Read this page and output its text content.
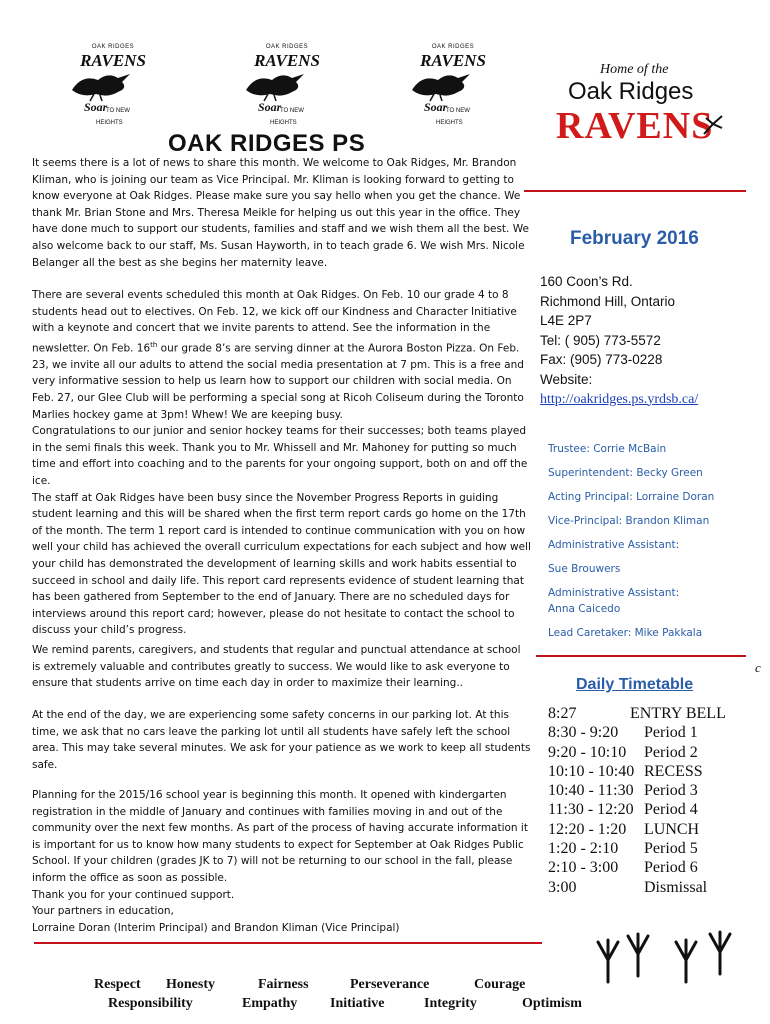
OAK RIDGES
RAVENS
Soar
TO NEW
HEIGHTS
OAK RIDGES
RAVENS
Soar
TO NEW
HEIGHTS
OAK RIDGES
RAVENS
Soar
TO NEW
HEIGHTS
OAK RIDGES PS
Home of the
Oak Ridges
RAVENS

It seems there is a lot of news to share this month. We welcome to Oak Ridges, Mr. Brandon Kliman, who is joining our team as Vice Principal. Mr. Kliman is looking forward to getting to know everyone at Oak Ridges. Please make sure you say hello when you get the chance. We thank Mr. Brian Stone and Mrs. Theresa Meikle for helping us out this year in the office. They have done much to support our students, families and staff and we wish them all the best. We also welcome back to our staff, Ms. Susan Hayworth, in to teach grade 6. We wish Mrs. Nicole Belanger all the best as she begins her maternity leave.

There are several events scheduled this month at Oak Ridges. On Feb. 10 our grade 4 to 8 students head out to electives. On Feb. 12, we kick off our Kindness and Character Initiative with a keynote and concert that we invite parents to attend. See the information in the newsletter. On Feb. 16th our grade 8’s are serving dinner at the Aurora Boston Pizza. On Feb. 23, we invite all our adults to attend the social media presentation at 7 pm. This is a free and very informative session to help us learn how to support our children with social media. On Feb. 27, our Glee Club will be performing a special song at Ricoh Coliseum during the Toronto Marlies hockey game at 3pm! Whew! We are keeping busy.

Congratulations to our junior and senior hockey teams for their successes; both teams played in the semi finals this week. Thank you to Mr. Whissell and Mr. Mahoney for putting so much time and effort into coaching and to the parents for your ongoing support, both on and off the ice.

The staff at Oak Ridges have been busy since the November Progress Reports in guiding student learning and this will be shared when the first term report cards go home on the 17th of the month. The term 1 report card is intended to continue communication with you on how well your child has achieved the overall curriculum expectations for each subject and how well your child has demonstrated the development of learning skills and work habits essential to succeed in school and daily life. This report card represents evidence of student learning that has been gathered from September to the end of January. There are no scheduled days for interviews around this report card; however, please do not hesitate to contact the school to discuss your child’s progress.

We remind parents, caregivers, and students that regular and punctual attendance at school is extremely valuable and contributes greatly to success. We would like to ask everyone to ensure that students arrive on time each day in order to maximize their learning..

At the end of the day, we are experiencing some safety concerns in our parking lot. At this time, we ask that no cars leave the parking lot until all students have safely left the school area. This may take several minutes. We ask for your patience as we work to keep all students safe.

Planning for the 2015/16 school year is beginning this month. It opened with kindergarten registration in the middle of January and continues with families moving in and out of the community over the next few months. As part of the process of having accurate information it is important for us to know how many students to expect for September at Oak Ridges Public School. If your children (grades JK to 7) will not be returning to our school in the fall, please inform the office as soon as possible.

Thank you for your continued support.

Your partners in education,

Lorraine Doran (Interim Principal) and Brandon Kliman (Vice Principal)

February 2016
160 Coon’s Rd.
Richmond Hill, Ontario
L4E 2P7
Tel: ( 905) 773-5572
Fax: (905) 773-0228
Website:
http://oakridges.ps.yrdsb.ca/
Trustee: Corrie McBain
Superintendent: Becky Green
Acting Principal: Lorraine Doran
Vice-Principal: Brandon Kliman
Administrative Assistant:
Sue Brouwers
Administrative Assistant:
Anna Caicedo
Lead Caretaker: Mike Pakkala
c
Daily Timetable
8:27	ENTRY BELL
8:30 - 9:20 Period 1
9:20 - 10:10 Period 2
10:10 - 10:40 RECESS
10:40 - 11:30 Period 3
11:30 - 12:20 Period 4
12:20 - 1:20 LUNCH
1:20 - 2:10 Period 5
2:10 - 3:00 Period 6
3:00	Dismissal
Respect Honesty	Fairness	Perseverance	Courage
Responsibility	Empathy Initiative	Integrity	Optimism
